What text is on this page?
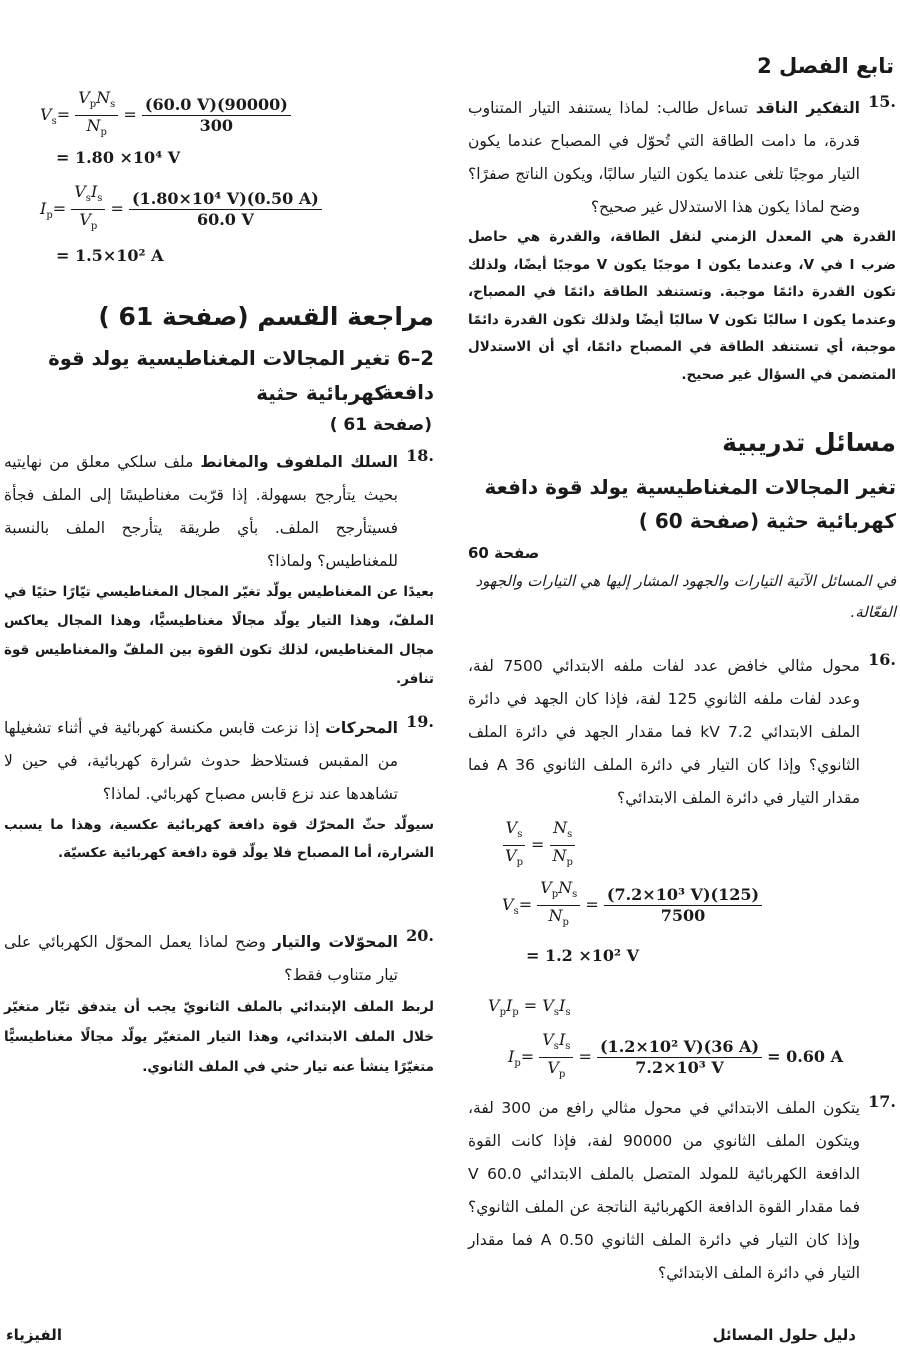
تابع الفصل 2
.15
التفكير الناقد تساءل طالب: لماذا يستنفد التيار المتناوب قدرة، ما دامت الطاقة التي تُحوّل في المصباح عندما يكون التيار موجبًا تلغى عندما يكون التيار سالبًا، ويكون الناتج صفرًا؟ وضح لماذا يكون هذا الاستدلال غير صحيح؟
القدرة هي المعدل الزمني لنقل الطاقة، والقدرة هي حاصل ضرب I في V، وعندما يكون I موجبًا يكون V موجبًا أيضًا، ولذلك تكون القدرة دائمًا موجبة. وتستنفد الطاقة دائمًا في المصباح، وعندما يكون I سالبًا تكون V سالبًا أيضًا ولذلك تكون القدرة دائمًا موجبة، أي تستنفد الطاقة في المصباح دائمًا، أي أن الاستدلال المتضمن في السؤال غير صحيح.
مسائل تدريبية
تغير المجالات المغناطيسية يولد قوة دافعة كهربائية حثية (صفحة 60 )
صفحة 60
في المسائل الآتية التيارات والجهود المشار إليها هي التيارات والجهود الفعّالة.
.16
محول مثالي خافض عدد لفات ملفه الابتدائي 7500 لفة، وعدد لفات ملفه الثانوي 125 لفة، فإذا كان الجهد في دائرة الملف الابتدائي 7.2 kV فما مقدار الجهد في دائرة الملف الثانوي؟ وإذا كان التيار في دائرة الملف الثانوي 36 A فما مقدار التيار في دائرة الملف الابتدائي؟
.17
يتكون الملف الابتدائي في محول مثالي رافع من 300 لفة، ويتكون الملف الثانوي من 90000 لفة، فإذا كانت القوة الدافعة الكهربائية للمولد المتصل بالملف الابتدائي 60.0 V فما مقدار القوة الدافعة الكهربائية الناتجة عن الملف الثانوي؟ وإذا كان التيار في دائرة الملف الثانوي 0.50 A فما مقدار التيار في دائرة الملف الابتدائي؟
دليل حلول المسائل
$\frac{V_s}{V_p} = \frac{N_s}{N_p}$
$V_s= \frac{V_pN_s}{N_p} = \frac{\text{(7.2×10³ V)(125)}}{7500}$
= 1.2 ×10² V
$V_pI_p = V_sI_s$
$I_p= \frac{V_sI_s}{V_p} = \frac{\text{(1.2×10² V)(36 A)}}{\text{7.2×10³ V}} = 0.60$ A
$V_s= \frac{V_pN_s}{N_p} = \frac{(60.0 V)(90000)}{300}$
= 1.80 ×10⁴ V
$I_p= \frac{V_sI_s}{V_p} = \frac{\text{(1.80×10⁴ V)(0.50 A)}}{60.0 V}$
= 1.5×10² A
مراجعة القسم (صفحة 61 )
2–6 تغير المجالات المغناطيسية يولد قوة دافعة
كهربائية حثية
(صفحة 61 )
.18
السلك الملفوف والمغانط ملف سلكي معلق من نهايتيه بحيث يتأرجح بسهولة. إذا قرّبت مغناطيسًا إلى الملف فجأة فسيتأرجح الملف. بأي طريقة يتأرجح الملف بالنسبة للمغناطيس؟ ولماذا؟
بعيدًا عن المغناطيس يولّد تغيّر المجال المغناطيسي تيّارًا حثيًا في الملفّ، وهذا التيار يولّد مجالًا مغناطيسيًّا، وهذا المجال يعاكس مجال المغناطيس، لذلك تكون القوة بين الملفّ والمغناطيس قوة تنافر.
.19
المحركات إذا نزعت قابس مكنسة كهربائية في أثناء تشغيلها من المقبس فستلاحظ حدوث شرارة كهربائية، في حين لا تشاهدها عند نزع قابس مصباح كهربائي. لماذا؟
سيولّد حثّ المحرّك قوة دافعة كهربائية عكسية، وهذا ما يسبب الشرارة، أما المصباح فلا يولّد قوة دافعة كهربائية عكسيّة.
.20
المحوّلات والتيار وضح لماذا يعمل المحوّل الكهربائي على تيار متناوب فقط؟
لربط الملف الإبتدائي بالملف الثانويّ يجب أن يتدفق تيّار متغيّر خلال الملف الابتدائي، وهذا التيار المتغيّر يولّد مجالًا مغناطيسيًّا متغيّرًا ينشأ عنه تيار حثي في الملف الثانوي.
الفيزياء
